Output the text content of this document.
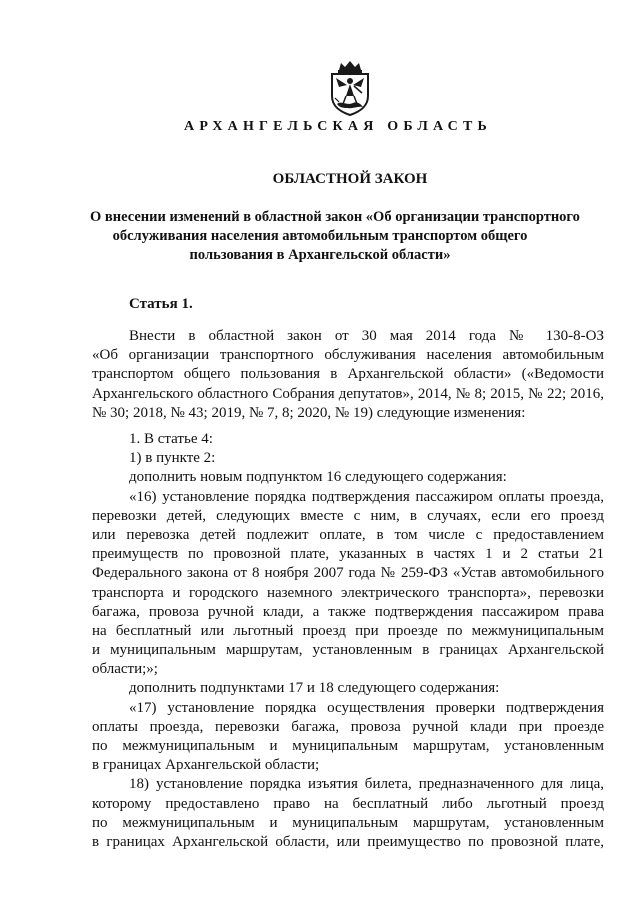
АРХАНГЕЛЬСКАЯ ОБЛАСТЬ
ОБЛАСТНОЙ ЗАКОН
О внесении изменений в областной закон «Об организации транспортного
обслуживания населения автомобильным транспортом общего
пользования в Архангельской области»
Статья 1.
Внести в областной закон от 30 мая 2014 года № 130-8-ОЗ
«Об организации транспортного обслуживания населения автомобильным
транспортом общего пользования в Архангельской области» («Ведомости
Архангельского областного Собрания депутатов», 2014, № 8; 2015, № 22; 2016,
№ 30; 2018, № 43; 2019, № 7, 8; 2020, № 19) следующие изменения:
1. В статье 4:
1) в пункте 2:
дополнить новым подпунктом 16 следующего содержания:
«16) установление порядка подтверждения пассажиром оплаты проезда,
перевозки детей, следующих вместе с ним, в случаях, если его проезд
или перевозка детей подлежит оплате, в том числе с предоставлением
преимуществ по провозной плате, указанных в частях 1 и 2 статьи 21
Федерального закона от 8 ноября 2007 года № 259-ФЗ «Устав автомобильного
транспорта и городского наземного электрического транспорта», перевозки
багажа, провоза ручной клади, а также подтверждения пассажиром права
на бесплатный или льготный проезд при проезде по межмуниципальным
и муниципальным маршрутам, установленным в границах Архангельской
области;»;
дополнить подпунктами 17 и 18 следующего содержания:
«17) установление порядка осуществления проверки подтверждения
оплаты проезда, перевозки багажа, провоза ручной клади при проезде
по межмуниципальным и муниципальным маршрутам, установленным
в границах Архангельской области;
18) установление порядка изъятия билета, предназначенного для лица,
которому предоставлено право на бесплатный либо льготный проезд
по межмуниципальным и муниципальным маршрутам, установленным
в границах Архангельской области, или преимущество по провозной плате,
